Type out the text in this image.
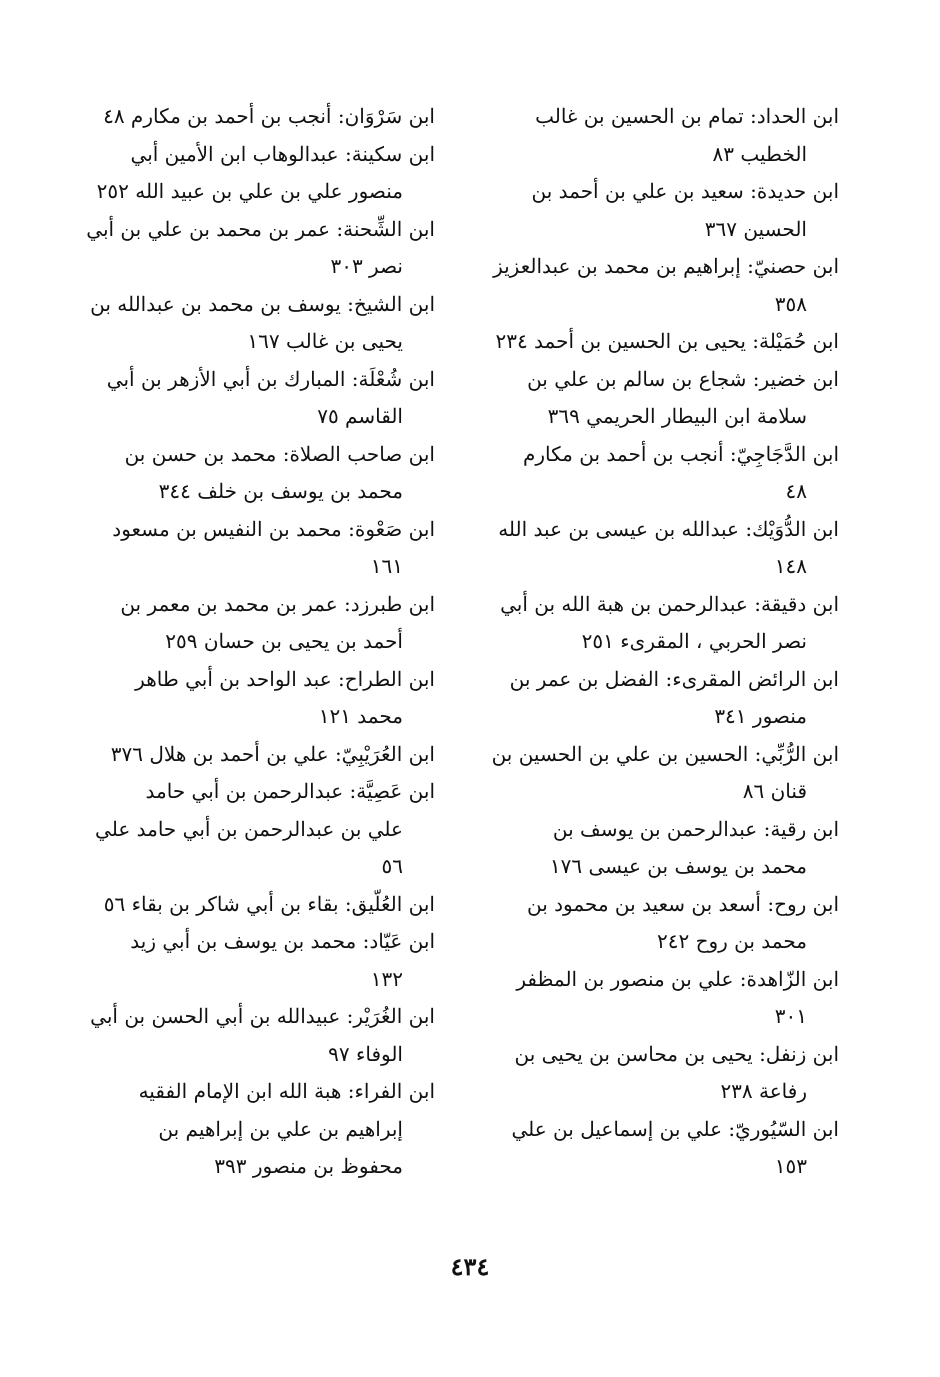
ابن الحداد: تمام بن الحسين بن غالب
الخطيب ٨٣
ابن حديدة: سعيد بن علي بن أحمد بن
الحسين ٣٦٧
ابن حصنيّ: إبراهيم بن محمد بن عبدالعزيز
٣٥٨
ابن حُمَيْلة: يحيى بن الحسين بن أحمد ٢٣٤
ابن خضير: شجاع بن سالم بن علي بن
سلامة ابن البيطار الحريمي ٣٦٩
ابن الدَّجَاجِيّ: أنجب بن أحمد بن مكارم
٤٨
ابن الدُّوَيْك: عبدالله بن عيسى بن عبد الله
١٤٨
ابن دقيقة: عبدالرحمن بن هبة الله بن أبي
نصر الحربي ، المقرىء ٢٥١
ابن الرائض المقرىء: الفضل بن عمر بن
منصور ٣٤١
ابن الرُّبِّي: الحسين بن علي بن الحسين بن
قنان ٨٦
ابن رقية: عبدالرحمن بن يوسف بن
محمد بن يوسف بن عيسى ١٧٦
ابن روح: أسعد بن سعيد بن محمود بن
محمد بن روح ٢٤٢
ابن الزّاهدة: علي بن منصور بن المظفر
٣٠١
ابن زنفل: يحيى بن محاسن بن يحيى بن
رفاعة ٢٣٨
ابن السّيُوريّ: علي بن إسماعيل بن علي
١٥٣
ابن سَرْوَان: أنجب بن أحمد بن مكارم ٤٨
ابن سكينة: عبدالوهاب ابن الأمين أبي
منصور علي بن علي بن عبيد الله ٢٥٢
ابن الشِّحنة: عمر بن محمد بن علي بن أبي
نصر ٣٠٣
ابن الشيخ: يوسف بن محمد بن عبدالله بن
يحيى بن غالب ١٦٧
ابن شُعْلَة: المبارك بن أبي الأزهر بن أبي
القاسم ٧٥
ابن صاحب الصلاة: محمد بن حسن بن
محمد بن يوسف بن خلف ٣٤٤
ابن صَعْوة: محمد بن النفيس بن مسعود
١٦١
ابن طبرزد: عمر بن محمد بن معمر بن
أحمد بن يحيى بن حسان ٢٥٩
ابن الطراح: عبد الواحد بن أبي طاهر
محمد ١٢١
ابن العُرَيْبِيّ: علي بن أحمد بن هلال ٣٧٦
ابن عَصِيَّة: عبدالرحمن بن أبي حامد
علي بن عبدالرحمن بن أبي حامد علي
٥٦
ابن العُلّيق: بقاء بن أبي شاكر بن بقاء ٥٦
ابن عَيّاد: محمد بن يوسف بن أبي زيد
١٣٢
ابن الغُرَيْر: عبيدالله بن أبي الحسن بن أبي
الوفاء ٩٧
ابن الفراء: هبة الله ابن الإمام الفقيه
إبراهيم بن علي بن إبراهيم بن
محفوظ بن منصور ٣٩٣
٤٣٤
